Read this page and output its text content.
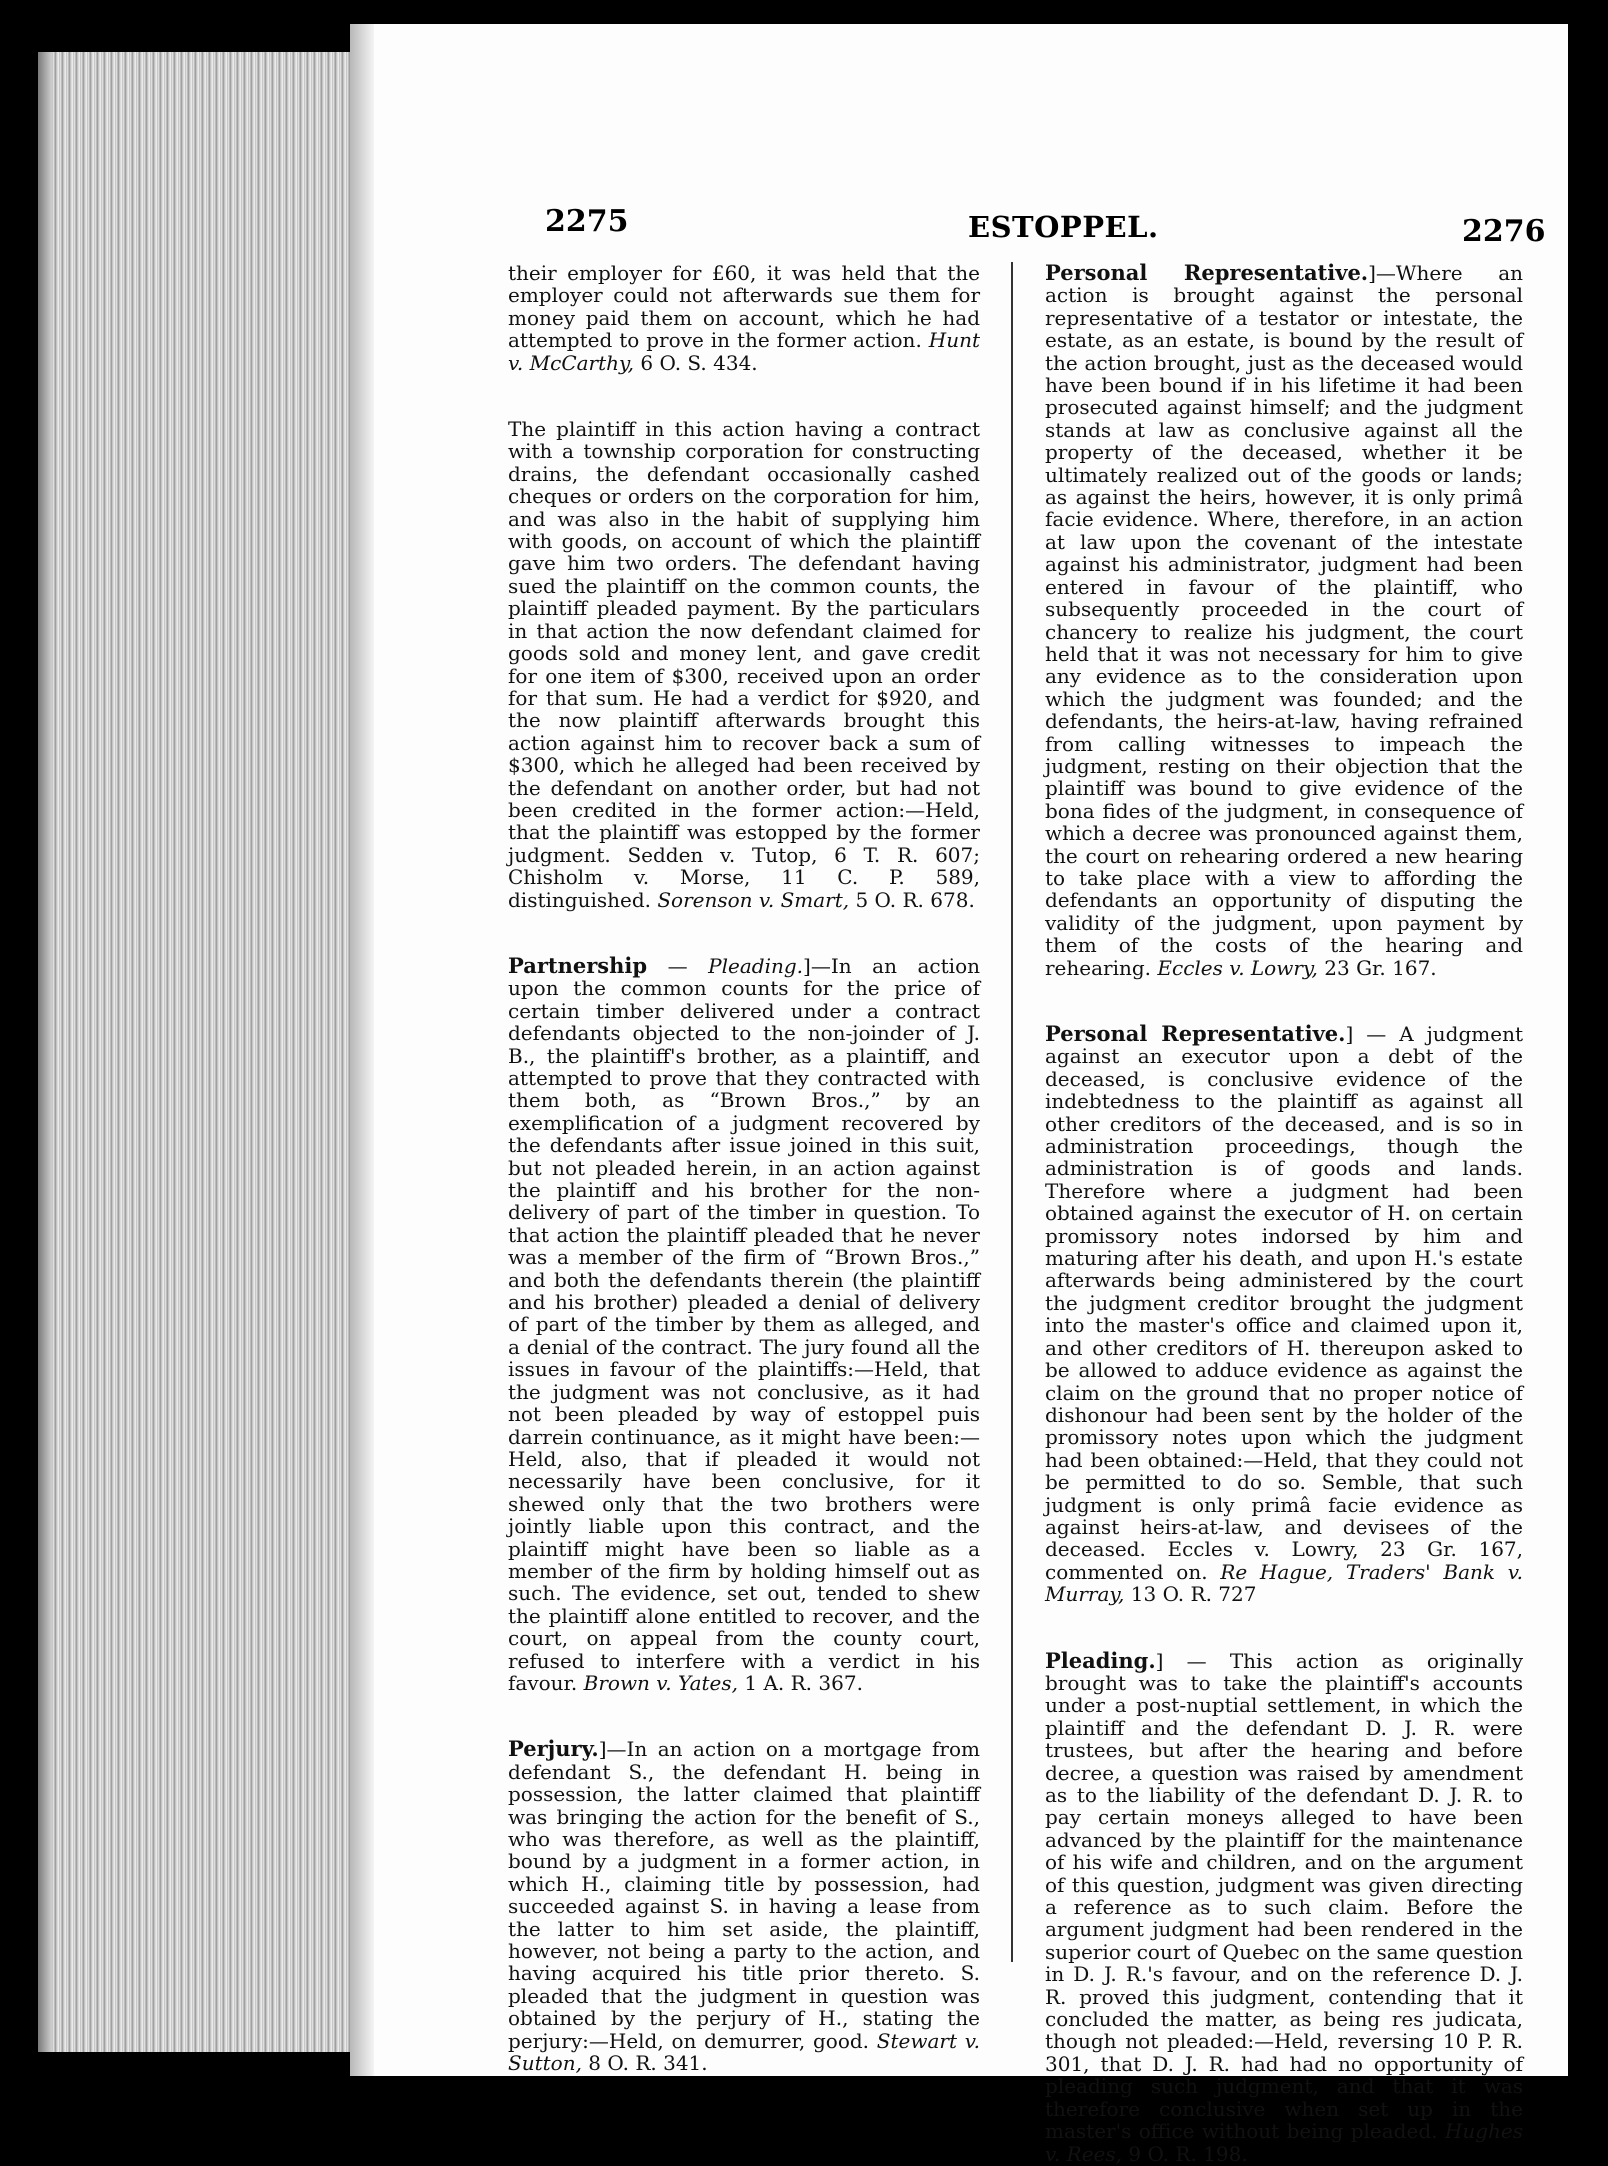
2275	ESTOPPEL.	2276

their employer for £60, it was held that the employer could not afterwards sue them for money paid them on account, which he had attempted to prove in the former action. Hunt v. McCarthy, 6 O. S. 434.

The plaintiff in this action having a contract with a township corporation for constructing drains, the defendant occasionally cashed cheques or orders on the corporation for him, and was also in the habit of supplying him with goods, on account of which the plaintiff gave him two orders. The defendant having sued the plaintiff on the common counts, the plaintiff pleaded payment. By the particulars in that action the now defendant claimed for goods sold and money lent, and gave credit for one item of $300, received upon an order for that sum. He had a verdict for $920, and the now plaintiff afterwards brought this action against him to recover back a sum of $300, which he alleged had been received by the defendant on another order, but had not been credited in the former action:—Held, that the plaintiff was estopped by the former judgment. Sedden v. Tutop, 6 T. R. 607; Chisholm v. Morse, 11 C. P. 589, distinguished. Sorenson v. Smart, 5 O. R. 678.

Partnership — Pleading.]—In an action upon the common counts for the price of certain timber delivered under a contract defendants objected to the non-joinder of J. B., the plaintiff's brother, as a plaintiff, and attempted to prove that they contracted with them both, as “Brown Bros.,” by an exemplification of a judgment recovered by the defendants after issue joined in this suit, but not pleaded herein, in an action against the plaintiff and his brother for the non-delivery of part of the timber in question. To that action the plaintiff pleaded that he never was a member of the firm of “Brown Bros.,” and both the defendants therein (the plaintiff and his brother) pleaded a denial of delivery of part of the timber by them as alleged, and a denial of the contract. The jury found all the issues in favour of the plaintiffs:—Held, that the judgment was not conclusive, as it had not been pleaded by way of estoppel puis darrein continuance, as it might have been:—Held, also, that if pleaded it would not necessarily have been conclusive, for it shewed only that the two brothers were jointly liable upon this contract, and the plaintiff might have been so liable as a member of the firm by holding himself out as such. The evidence, set out, tended to shew the plaintiff alone entitled to recover, and the court, on appeal from the county court, refused to interfere with a verdict in his favour. Brown v. Yates, 1 A. R. 367.

Perjury.]—In an action on a mortgage from defendant S., the defendant H. being in possession, the latter claimed that plaintiff was bringing the action for the benefit of S., who was therefore, as well as the plaintiff, bound by a judgment in a former action, in which H., claiming title by possession, had succeeded against S. in having a lease from the latter to him set aside, the plaintiff, however, not being a party to the action, and having acquired his title prior thereto. S. pleaded that the judgment in question was obtained by the perjury of H., stating the perjury:—Held, on demurrer, good. Stewart v. Sutton, 8 O. R. 341.

Personal Representative.]—Where an action is brought against the personal representative of a testator or intestate, the estate, as an estate, is bound by the result of the action brought, just as the deceased would have been bound if in his lifetime it had been prosecuted against himself; and the judgment stands at law as conclusive against all the property of the deceased, whether it be ultimately realized out of the goods or lands; as against the heirs, however, it is only primâ facie evidence. Where, therefore, in an action at law upon the covenant of the intestate against his administrator, judgment had been entered in favour of the plaintiff, who subsequently proceeded in the court of chancery to realize his judgment, the court held that it was not necessary for him to give any evidence as to the consideration upon which the judgment was founded; and the defendants, the heirs-at-law, having refrained from calling witnesses to impeach the judgment, resting on their objection that the plaintiff was bound to give evidence of the bona fides of the judgment, in consequence of which a decree was pronounced against them, the court on rehearing ordered a new hearing to take place with a view to affording the defendants an opportunity of disputing the validity of the judgment, upon payment by them of the costs of the hearing and rehearing. Eccles v. Lowry, 23 Gr. 167.

Personal Representative.] — A judgment against an executor upon a debt of the deceased, is conclusive evidence of the indebtedness to the plaintiff as against all other creditors of the deceased, and is so in administration proceedings, though the administration is of goods and lands. Therefore where a judgment had been obtained against the executor of H. on certain promissory notes indorsed by him and maturing after his death, and upon H.'s estate afterwards being administered by the court the judgment creditor brought the judgment into the master's office and claimed upon it, and other creditors of H. thereupon asked to be allowed to adduce evidence as against the claim on the ground that no proper notice of dishonour had been sent by the holder of the promissory notes upon which the judgment had been obtained:—Held, that they could not be permitted to do so. Semble, that such judgment is only primâ facie evidence as against heirs-at-law, and devisees of the deceased. Eccles v. Lowry, 23 Gr. 167, commented on. Re Hague, Traders' Bank v. Murray, 13 O. R. 727

Pleading.] — This action as originally brought was to take the plaintiff's accounts under a post-nuptial settlement, in which the plaintiff and the defendant D. J. R. were trustees, but after the hearing and before decree, a question was raised by amendment as to the liability of the defendant D. J. R. to pay certain moneys alleged to have been advanced by the plaintiff for the maintenance of his wife and children, and on the argument of this question, judgment was given directing a reference as to such claim. Before the argument judgment had been rendered in the superior court of Quebec on the same question in D. J. R.'s favour, and on the reference D. J. R. proved this judgment, contending that it concluded the matter, as being res judicata, though not pleaded:—Held, reversing 10 P. R. 301, that D. J. R. had had no opportunity of pleading such judgment, and that it was therefore conclusive when set up in the master's office without being pleaded. Hughes v. Rees, 9 O. R. 198.
